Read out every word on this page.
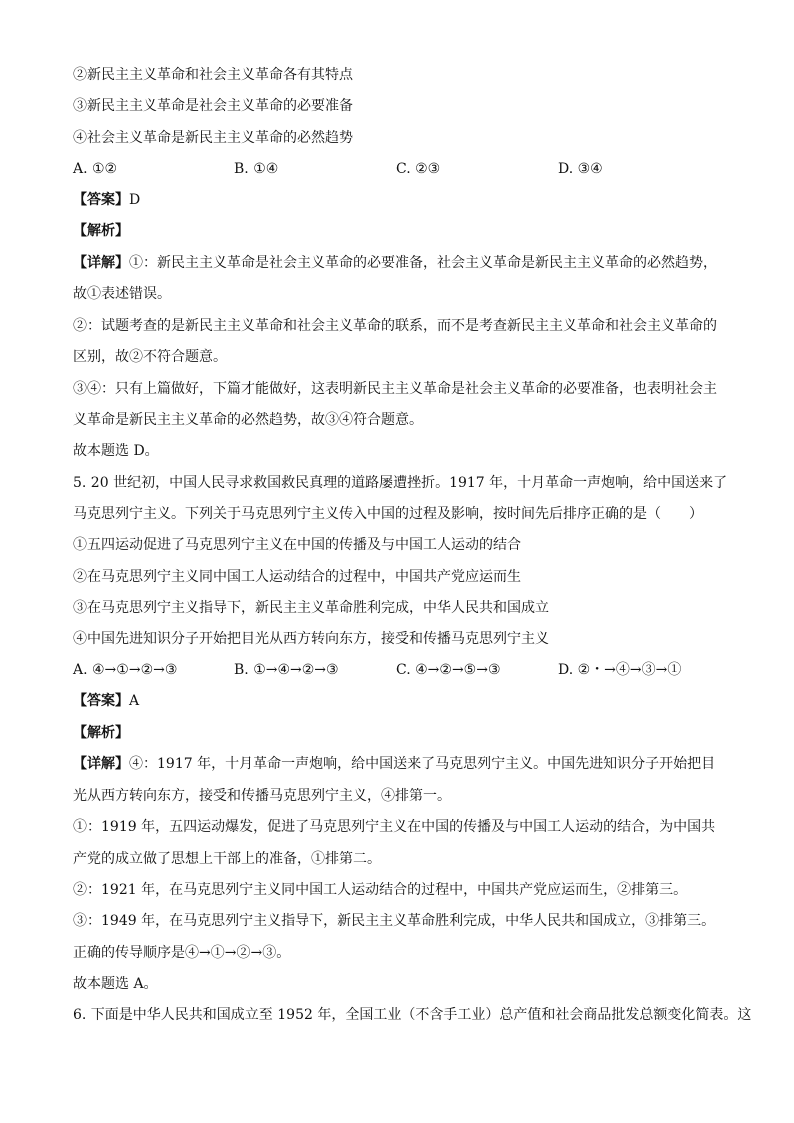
②新民主主义革命和社会主义革命各有其特点
③新民主主义革命是社会主义革命的必要准备
④社会主义革命是新民主主义革命的必然趋势
A. ①②	B. ①④	C. ②③	D. ③④
【答案】D
【解析】
【详解】①：新民主主义革命是社会主义革命的必要准备，社会主义革命是新民主主义革命的必然趋势，
故①表述错误。
②：试题考查的是新民主主义革命和社会主义革命的联系，而不是考查新民主主义革命和社会主义革命的
区别，故②不符合题意。
③④：只有上篇做好，下篇才能做好，这表明新民主主义革命是社会主义革命的必要准备，也表明社会主
义革命是新民主主义革命的必然趋势，故③④符合题意。
故本题选 D。
5. 20 世纪初，中国人民寻求救国救民真理的道路屡遭挫折。1917 年，十月革命一声炮响，给中国送来了
马克思列宁主义。下列关于马克思列宁主义传入中国的过程及影响，按时间先后排序正确的是（　　）
①五四运动促进了马克思列宁主义在中国的传播及与中国工人运动的结合
②在马克思列宁主义同中国工人运动结合的过程中，中国共产党应运而生
③在马克思列宁主义指导下，新民主主义革命胜利完成，中华人民共和国成立
④中国先进知识分子开始把目光从西方转向东方，接受和传播马克思列宁主义
A. ④→①→②→③	B. ①→④→②→③	C. ④→②→⑤→③	D. ②・→④→③→①
【答案】A
【解析】
【详解】④：1917 年，十月革命一声炮响，给中国送来了马克思列宁主义。中国先进知识分子开始把目
光从西方转向东方，接受和传播马克思列宁主义，④排第一。
①：1919 年，五四运动爆发，促进了马克思列宁主义在中国的传播及与中国工人运动的结合，为中国共
产党的成立做了思想上干部上的准备，①排第二。
②：1921 年，在马克思列宁主义同中国工人运动结合的过程中，中国共产党应运而生，②排第三。
③：1949 年，在马克思列宁主义指导下，新民主主义革命胜利完成，中华人民共和国成立，③排第三。
正确的传导顺序是④→①→②→③。
故本题选 A。
6. 下面是中华人民共和国成立至 1952 年，全国工业（不含手工业）总产值和社会商品批发总额变化简表。这
